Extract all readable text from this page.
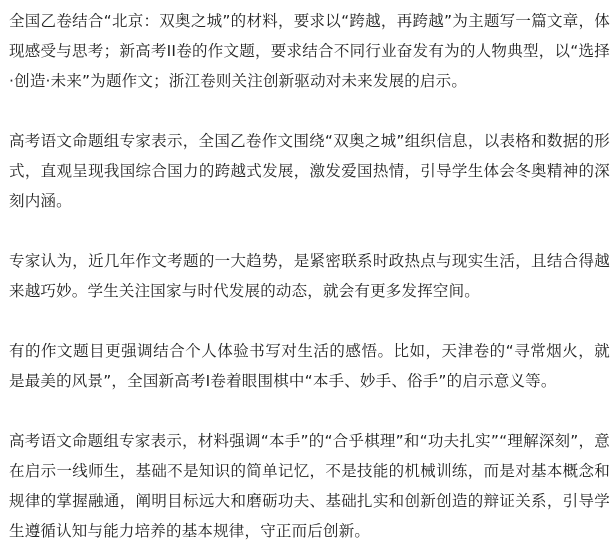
全国乙卷结合“北京：双奥之城”的材料，要求以“跨越，再跨越”为主题写一篇文章，体现感受与思考；新高考II卷的作文题，要求结合不同行业奋发有为的人物典型，以“选择·创造·未来”为题作文；浙江卷则关注创新驱动对未来发展的启示。

高考语文命题组专家表示，全国乙卷作文围绕“双奥之城”组织信息，以表格和数据的形式，直观呈现我国综合国力的跨越式发展，激发爱国热情，引导学生体会冬奥精神的深刻内涵。

专家认为，近几年作文考题的一大趋势，是紧密联系时政热点与现实生活，且结合得越来越巧妙。学生关注国家与时代发展的动态，就会有更多发挥空间。

有的作文题目更强调结合个人体验书写对生活的感悟。比如，天津卷的“寻常烟火，就是最美的风景”，全国新高考I卷着眼围棋中“本手、妙手、俗手”的启示意义等。

高考语文命题组专家表示，材料强调“本手”的“合乎棋理”和“功夫扎实”“理解深刻”，意在启示一线师生，基础不是知识的简单记忆，不是技能的机械训练，而是对基本概念和规律的掌握融通，阐明目标远大和磨砺功夫、基础扎实和创新创造的辩证关系，引导学生遵循认知与能力培养的基本规律，守正而后创新。
